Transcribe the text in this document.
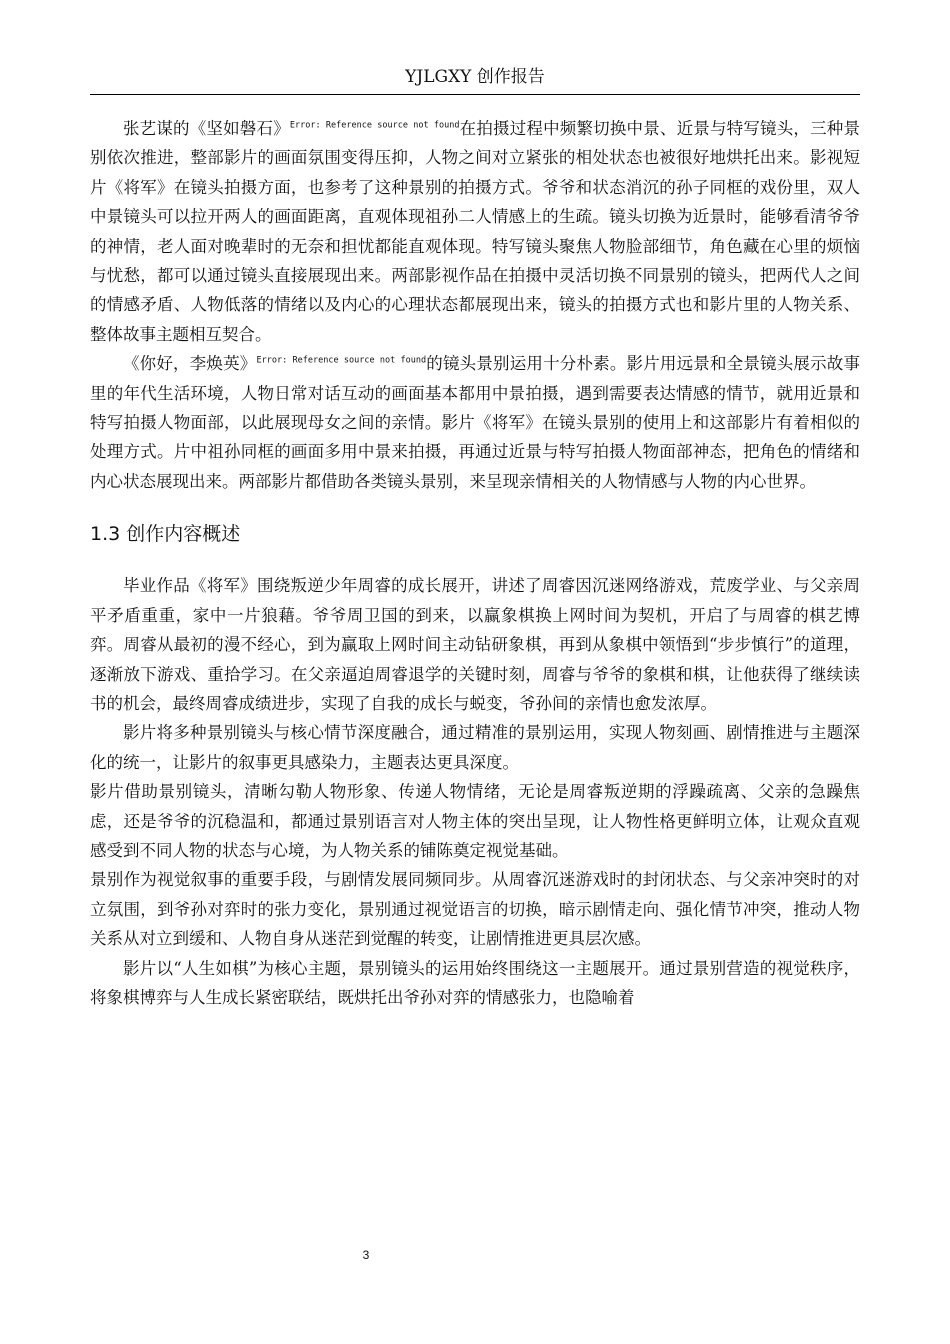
YJLGXY 创作报告

张艺谋的《坚如磐石》$^{Error: Reference source not found}$在拍摄过程中频繁切换中景、近景与特写镜头，三种景别依次推进，整部影片的画面氛围变得压抑，人物之间对立紧张的相处状态也被很好地烘托出来。影视短片《将军》在镜头拍摄方面，也参考了这种景别的拍摄方式。爷爷和状态消沉的孙子同框的戏份里，双人中景镜头可以拉开两人的画面距离，直观体现祖孙二人情感上的生疏。镜头切换为近景时，能够看清爷爷的神情，老人面对晚辈时的无奈和担忧都能直观体现。特写镜头聚焦人物脸部细节，角色藏在心里的烦恼与忧愁，都可以通过镜头直接展现出来。两部影视作品在拍摄中灵活切换不同景别的镜头，把两代人之间的情感矛盾、人物低落的情绪以及内心的心理状态都展现出来，镜头的拍摄方式也和影片里的人物关系、整体故事主题相互契合。

《你好，李焕英》$^{Error: Reference source not found}$的镜头景别运用十分朴素。影片用远景和全景镜头展示故事里的年代生活环境，人物日常对话互动的画面基本都用中景拍摄，遇到需要表达情感的情节，就用近景和特写拍摄人物面部，以此展现母女之间的亲情。影片《将军》在镜头景别的使用上和这部影片有着相似的处理方式。片中祖孙同框的画面多用中景来拍摄，再通过近景与特写拍摄人物面部神态，把角色的情绪和内心状态展现出来。两部影片都借助各类镜头景别，来呈现亲情相关的人物情感与人物的内心世界。

1.3 创作内容概述

毕业作品《将军》围绕叛逆少年周睿的成长展开，讲述了周睿因沉迷网络游戏，荒废学业、与父亲周平矛盾重重，家中一片狼藉。爷爷周卫国的到来，以赢象棋换上网时间为契机，开启了与周睿的棋艺博弈。周睿从最初的漫不经心，到为赢取上网时间主动钻研象棋，再到从象棋中领悟到“步步慎行”的道理，逐渐放下游戏、重拾学习。在父亲逼迫周睿退学的关键时刻，周睿与爷爷的象棋和棋，让他获得了继续读书的机会，最终周睿成绩进步，实现了自我的成长与蜕变，爷孙间的亲情也愈发浓厚。

影片将多种景别镜头与核心情节深度融合，通过精准的景别运用，实现人物刻画、剧情推进与主题深化的统一，让影片的叙事更具感染力，主题表达更具深度。

影片借助景别镜头，清晰勾勒人物形象、传递人物情绪，无论是周睿叛逆期的浮躁疏离、父亲的急躁焦虑，还是爷爷的沉稳温和，都通过景别语言对人物主体的突出呈现，让人物性格更鲜明立体，让观众直观感受到不同人物的状态与心境，为人物关系的铺陈奠定视觉基础。

景别作为视觉叙事的重要手段，与剧情发展同频同步。从周睿沉迷游戏时的封闭状态、与父亲冲突时的对立氛围，到爷孙对弈时的张力变化，景别通过视觉语言的切换，暗示剧情走向、强化情节冲突，推动人物关系从对立到缓和、人物自身从迷茫到觉醒的转变，让剧情推进更具层次感。

影片以“人生如棋”为核心主题，景别镜头的运用始终围绕这一主题展开。通过景别营造的视觉秩序，将象棋博弈与人生成长紧密联结，既烘托出爷孙对弈的情感张力，也隐喻着

3
